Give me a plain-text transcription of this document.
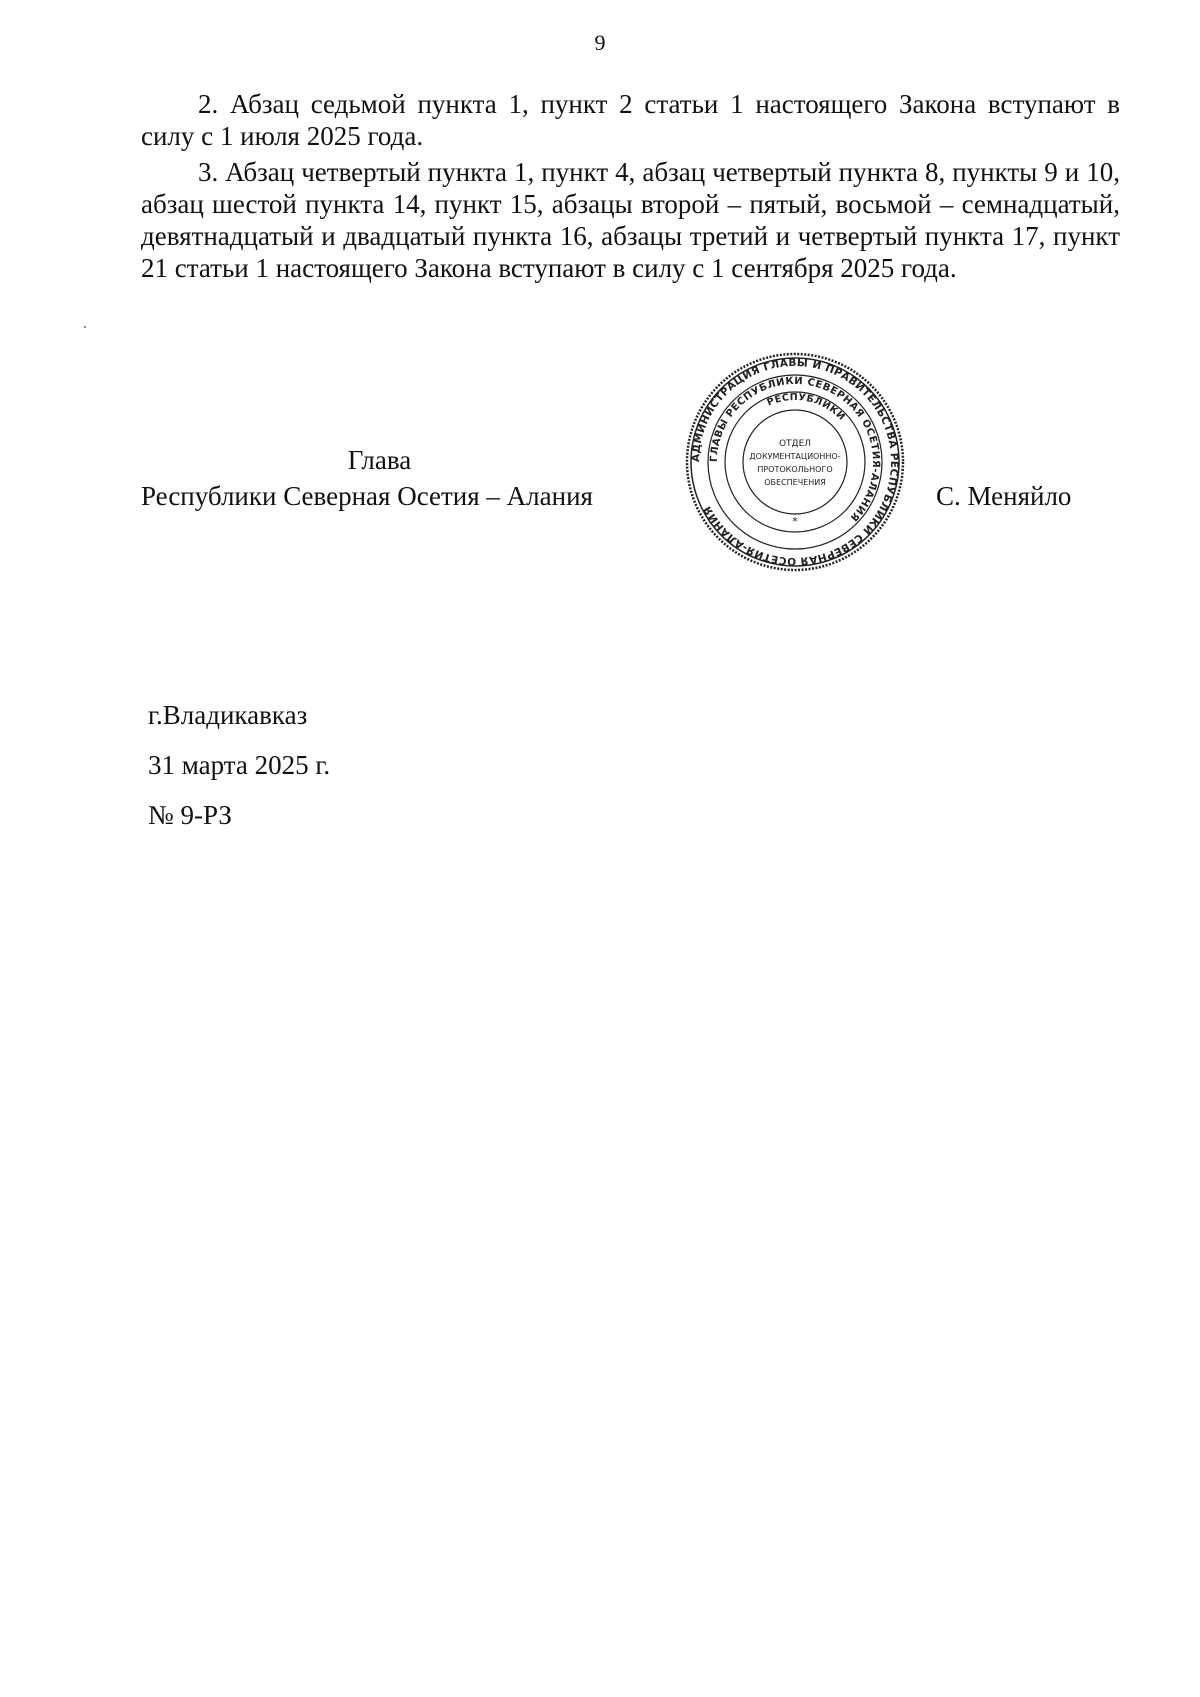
9

2. Абзац седьмой пункта 1, пункт 2 статьи 1 настоящего Закона вступают в силу с 1 июля 2025 года.

3. Абзац четвертый пункта 1, пункт 4, абзац четвертый пункта 8, пункты 9 и 10, абзац шестой пункта 14, пункт 15, абзацы второй – пятый, восьмой – семнадцатый, девятнадцатый и двадцатый пункта 16, абзацы третий и четвертый пункта 17, пункт 21 статьи 1 настоящего Закона вступают в силу с 1 сентября 2025 года.

Глава
Республики Северная Осетия – Алания
АДМИНИСТРАЦИЯ ГЛАВЫ И ПРАВИТЕЛЬСТВА РЕСПУБЛИКИ СЕВЕРНАЯ ОСЕТИЯ-АЛАНИЯ
ГЛАВЫ РЕСПУБЛИКИ СЕВЕРНАЯ ОСЕТИЯ-АЛАНИЯ
РЕСПУБЛИКИ
ОТДЕЛ
ДОКУМЕНТАЦИОННО-
ПРОТОКОЛЬНОГО
ОБЕСПЕЧЕНИЯ
*
С. Меняйло
г.Владикавказ
31 марта 2025 г.
№ 9-РЗ
